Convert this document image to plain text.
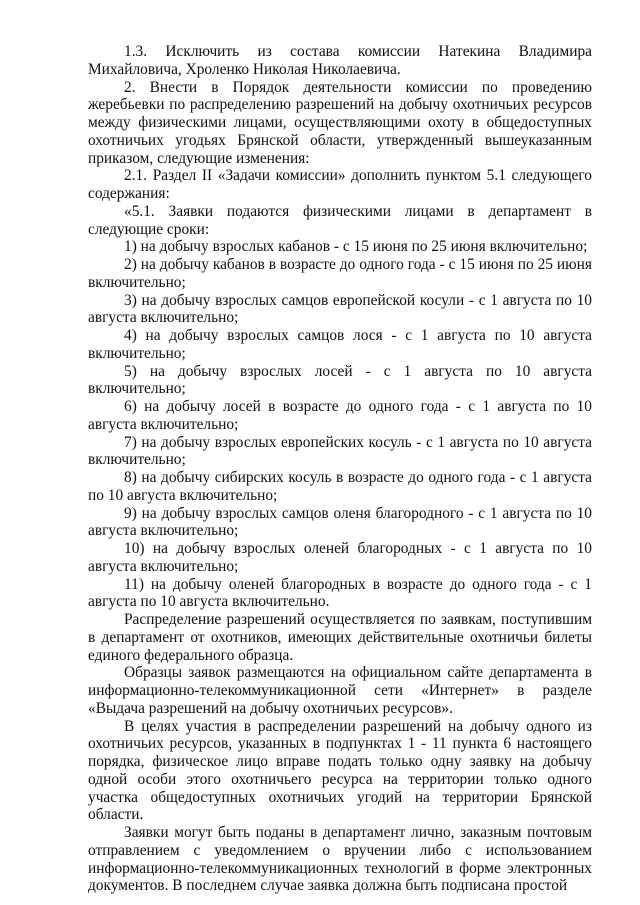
1.3. Исключить из состава комиссии Натекина Владимира Михайловича, Хроленко Николая Николаевича.

2. Внести в Порядок деятельности комиссии по проведению жеребьевки по распределению разрешений на добычу охотничьих ресурсов между физическими лицами, осуществляющими охоту в общедоступных охотничьих угодьях Брянской области, утвержденный вышеуказанным приказом, следующие изменения:

2.1. Раздел II «Задачи комиссии» дополнить пунктом 5.1 следующего содержания:

«5.1. Заявки подаются физическими лицами в департамент в следующие сроки:

1) на добычу взрослых кабанов - с 15 июня по 25 июня включительно;

2) на добычу кабанов в возрасте до одного года - с 15 июня по 25 июня включительно;

3) на добычу взрослых самцов европейской косули - с 1 августа по 10 августа включительно;

4) на добычу взрослых самцов лося - с 1 августа по 10 августа включительно;

5) на добычу взрослых лосей - с 1 августа по 10 августа включительно;

6) на добычу лосей в возрасте до одного года - с 1 августа по 10 августа включительно;

7) на добычу взрослых европейских косуль - с 1 августа по 10 августа включительно;

8) на добычу сибирских косуль в возрасте до одного года - с 1 августа по 10 августа включительно;

9) на добычу взрослых самцов оленя благородного - с 1 августа по 10 августа включительно;

10) на добычу взрослых оленей благородных - с 1 августа по 10 августа включительно;

11) на добычу оленей благородных в возрасте до одного года - с 1 августа по 10 августа включительно.

Распределение разрешений осуществляется по заявкам, поступившим в департамент от охотников, имеющих действительные охотничьи билеты единого федерального образца.

Образцы заявок размещаются на официальном сайте департамента в информационно-телекоммуникационной сети «Интернет» в разделе «Выдача разрешений на добычу охотничьих ресурсов».

В целях участия в распределении разрешений на добычу одного из охотничьих ресурсов, указанных в подпунктах 1 - 11 пункта 6 настоящего порядка, физическое лицо вправе подать только одну заявку на добычу одной особи этого охотничьего ресурса на территории только одного участка общедоступных охотничьих угодий на территории Брянской области.

Заявки могут быть поданы в департамент лично, заказным почтовым отправлением с уведомлением о вручении либо с использованием информационно-телекоммуникационных технологий в форме электронных документов. В последнем случае заявка должна быть подписана простой
